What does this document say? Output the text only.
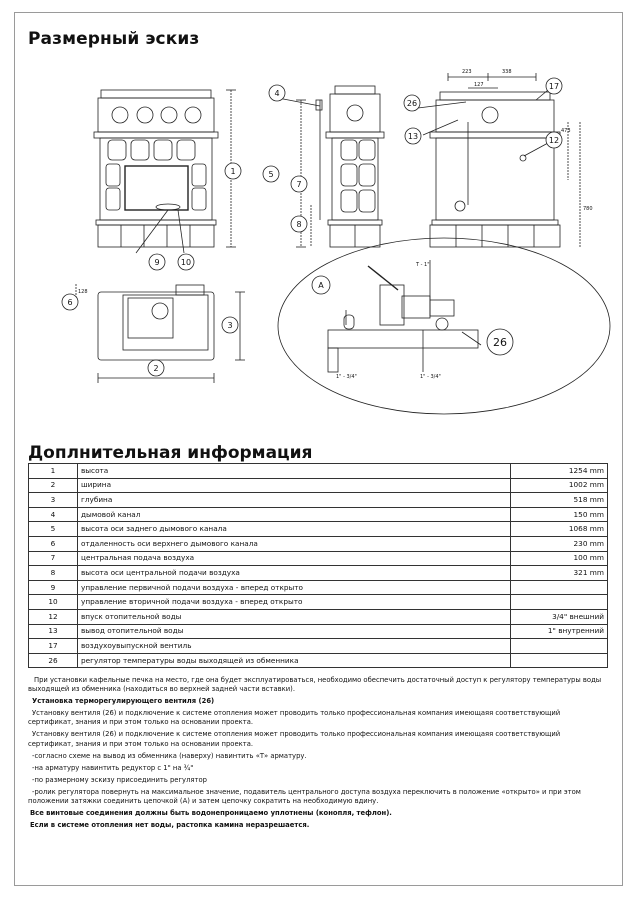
Размерный эскиз
1
9	10
4
5
7
8
26
13
17
12
6
3
2
A
26
223	338
127
473
780
128
T - 1"
1" - 3/4"	1" - 3/4"
Доплнительная информация
1	высота	1254 mm
2	ширина	1002 mm
3	глубина	518 mm
4	дымовой канал	150 mm
5	высота оси заднего дымового канала	1068 mm
6	отдаленность оси верхнего дымового канала	230 mm
7	центральная подача воздуха	100 mm
8	высота оси центральной подачи воздуха	321 mm
9	управление первичной подачи воздуха - вперед открыто	
10	управление вторичной подачи воздуха - вперед открыто	
12	впуск отопительной воды	3/4" внешний
13	вывод отопительной воды	1" внутренний
17	воздухоувыпускной вентиль	
26	регулятор температуры воды выходящей из обменника	

При установки кафельные печка на место, где она будет эксплуатироваться, необходимо обеспечить достаточный доступ к регулятору температуры воды выходящей из обменника (находиться во верхней задней части вставки).

Установка терморегулирующего вентиля (26)

Установку вентиля (26) и подключение к системе отопления может проводить только профессиональная компания имеющаяя соответствующий сертификат, знания и при этом только на основании проекта.

Установку вентиля (26) и подключение к системе отопления может проводить только профессиональная компания имеющаяя соответствующий сертификат, знания и при этом только на основании проекта.

-согласно схеме на вывод из обменника (наверху) навинтить «Т» арматуру.

-на арматуру навинтить редуктор с 1" на ¾"

-по размерному эскизу присоединить регулятор

-ролик регулятора повернуть на максимальное значение, подавитель центрального доступа воздуха переключить в положение «открыто» и при этом положении затяжки соединить цепочкой (A) и затем цепочку сократить на необходимую вдину.

Все винтовые соединения должны быть водонепроницаемо уплотнены (конопля, тефлон).

Если в системе отопления нет воды, растопка камина неразрешается.
